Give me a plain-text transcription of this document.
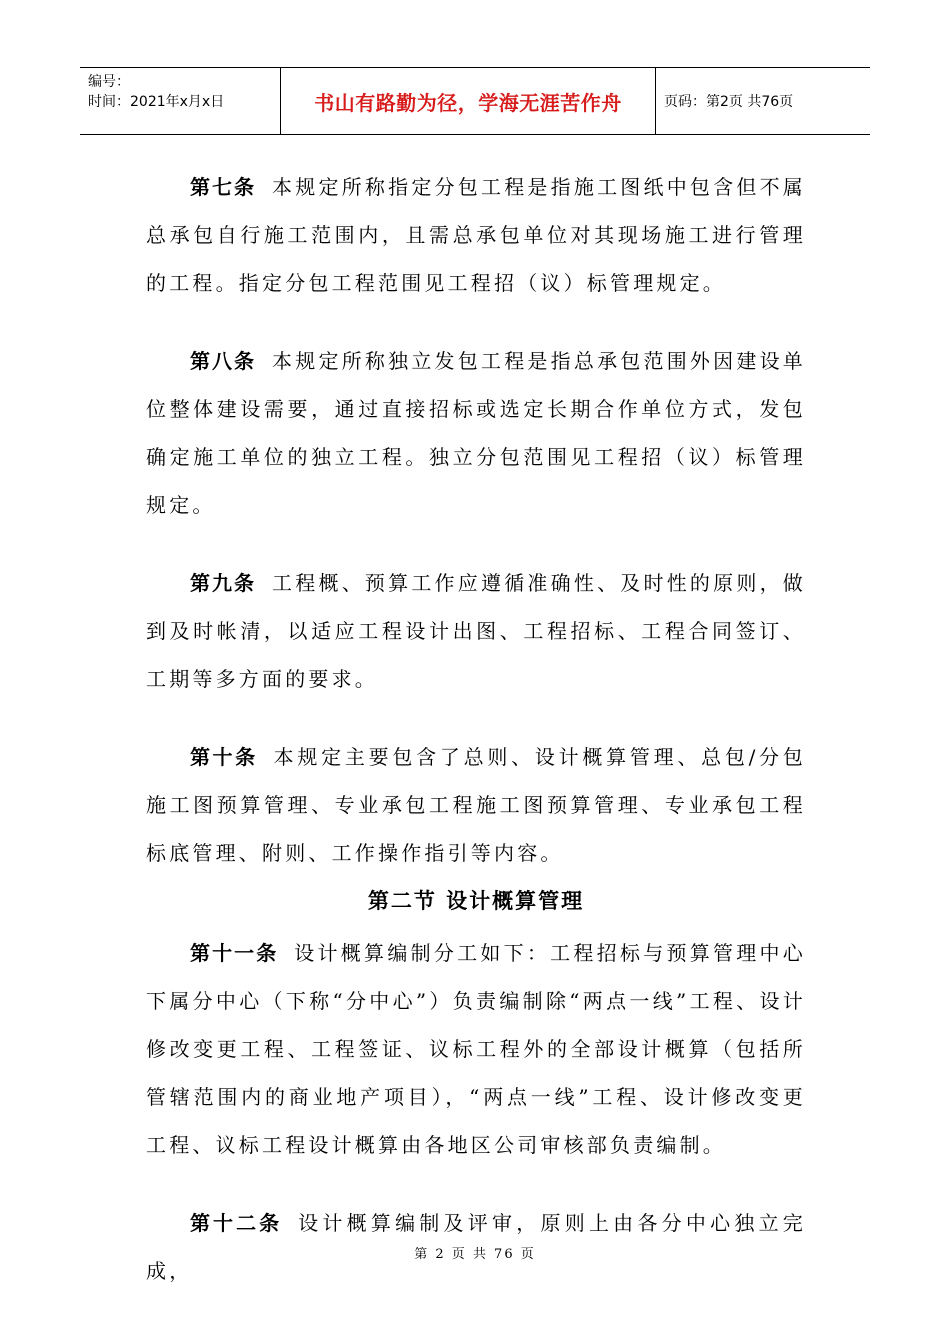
编号：
时间：2021年x月x日	书山有路勤为径，学海无涯苦作舟	页码：第2页 共76页

第七条 本规定所称指定分包工程是指施工图纸中包含但不属总承包自行施工范围内，且需总承包单位对其现场施工进行管理的工程。指定分包工程范围见工程招（议）标管理规定。

第八条 本规定所称独立发包工程是指总承包范围外因建设单位整体建设需要，通过直接招标或选定长期合作单位方式，发包确定施工单位的独立工程。独立分包范围见工程招（议）标管理规定。

第九条 工程概、预算工作应遵循准确性、及时性的原则，做到及时帐清，以适应工程设计出图、工程招标、工程合同签订、工期等多方面的要求。

第十条 本规定主要包含了总则、设计概算管理、总包/分包施工图预算管理、专业承包工程施工图预算管理、专业承包工程标底管理、附则、工作操作指引等内容。

第二节 设计概算管理

第十一条 设计概算编制分工如下：工程招标与预算管理中心下属分中心（下称“分中心”）负责编制除“两点一线”工程、设计修改变更工程、工程签证、议标工程外的全部设计概算（包括所管辖范围内的商业地产项目），“两点一线”工程、设计修改变更工程、议标工程设计概算由各地区公司审核部负责编制。

第十二条 设计概算编制及评审，原则上由各分中心独立完成，

第 2 页 共 76 页
